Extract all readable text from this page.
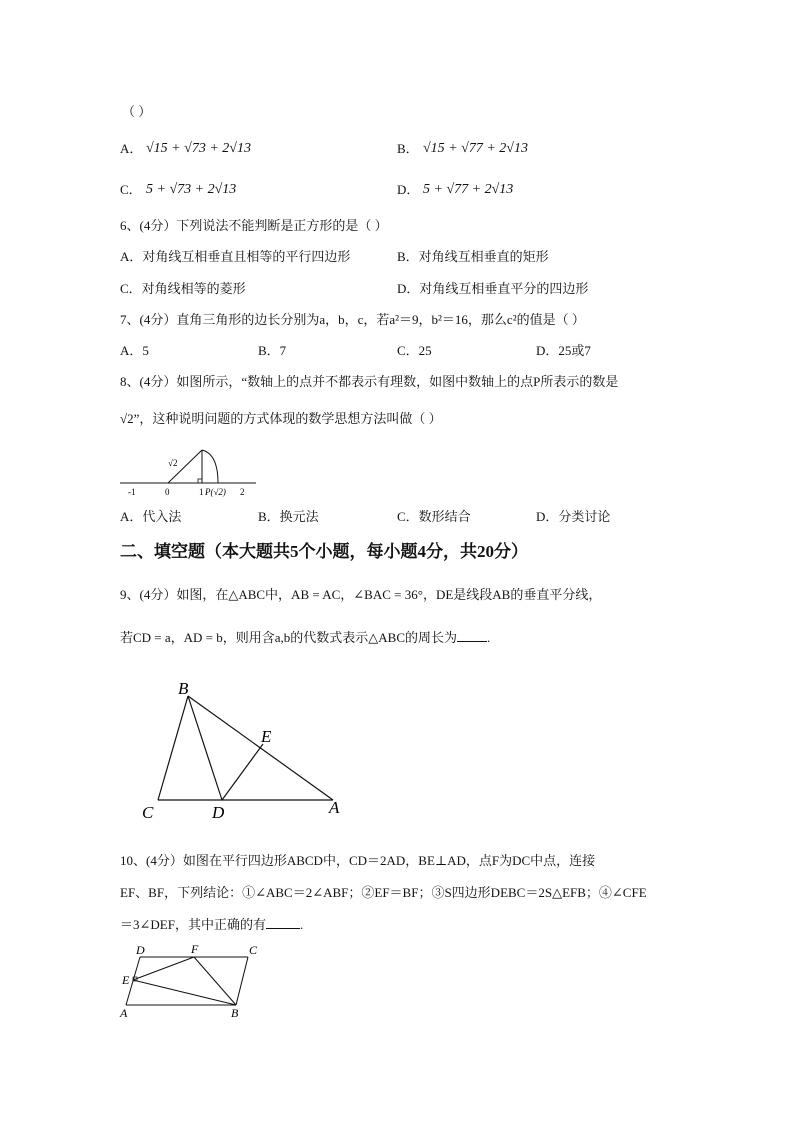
（ ）
A． √15 + √73 + 2√13	B． √15 + √77 + 2√13
C． 5 + √73 + 2√13	D． 5 + √77 + 2√13
6、(4分）下列说法不能判断是正方形的是（ ）
A．对角线互相垂直且相等的平行四边形	B．对角线互相垂直的矩形
C．对角线相等的菱形	D．对角线互相垂直平分的四边形
7、(4分）直角三角形的边长分别为a，b，c，若a²＝9，b²＝16，那么c²的值是（ ）
A．5	B．7	C．25	D．25或7
8、(4分）如图所示，“数轴上的点并不都表示有理数，如图中数轴上的点P所表示的数是
√2”，这种说明问题的方式体现的数学思想方法叫做（ ）
-1	0	1 P(√2) 2
√2
A．代入法	B．换元法	C．数形结合	D．分类讨论
二、填空题（本大题共5个小题，每小题4分，共20分）
9、(4分）如图，在△ABC中，AB = AC，∠BAC = 36°，DE是线段AB的垂直平分线，
若CD = a，AD = b，则用含a,b的代数式表示△ABC的周长为 .
B
C	D	A
E
10、(4分）如图在平行四边形ABCD中，CD＝2AD，BE⊥AD，点F为DC中点，连接
EF、BF，下列结论：①∠ABC＝2∠ABF；②EF＝BF；③S四边形DEBC＝2S△EFB；④∠CFE
＝3∠DEF，其中正确的有	.
D	F	C
E
A	B
